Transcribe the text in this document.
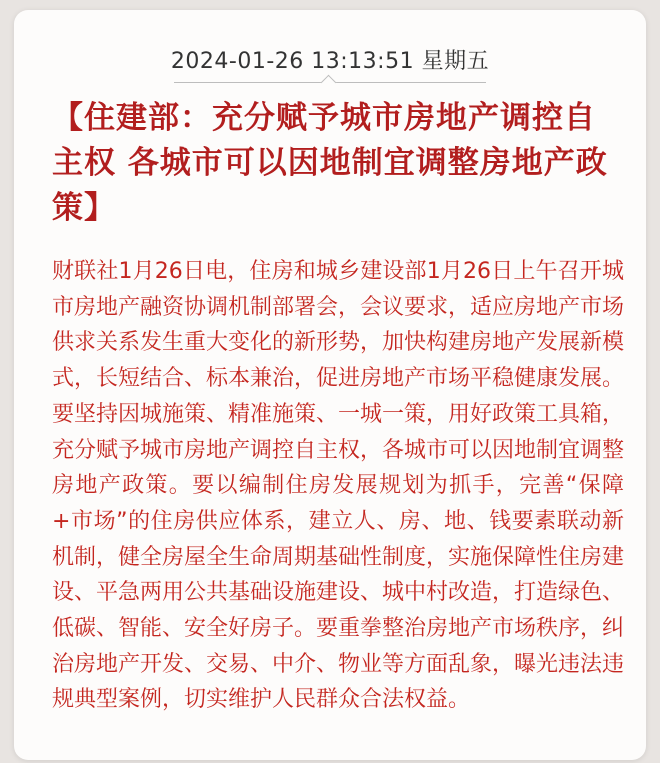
2024-01-26 13:13:51 星期五
【住建部：充分赋予城市房地产调控自主权 各城市可以因地制宜调整房地产政策】

财联社1月26日电，住房和城乡建设部1月26日上午召开城市房地产融资协调机制部署会，会议要求，适应房地产市场供求关系发生重大变化的新形势，加快构建房地产发展新模式，长短结合、标本兼治，促进房地产市场平稳健康发展。要坚持因城施策、精准施策、一城一策，用好政策工具箱，充分赋予城市房地产调控自主权，各城市可以因地制宜调整房地产政策。要以编制住房发展规划为抓手，完善“保障+市场”的住房供应体系，建立人、房、地、钱要素联动新机制，健全房屋全生命周期基础性制度，实施保障性住房建设、平急两用公共基础设施建设、城中村改造，打造绿色、低碳、智能、安全好房子。要重拳整治房地产市场秩序，纠治房地产开发、交易、中介、物业等方面乱象，曝光违法违规典型案例，切实维护人民群众合法权益。
